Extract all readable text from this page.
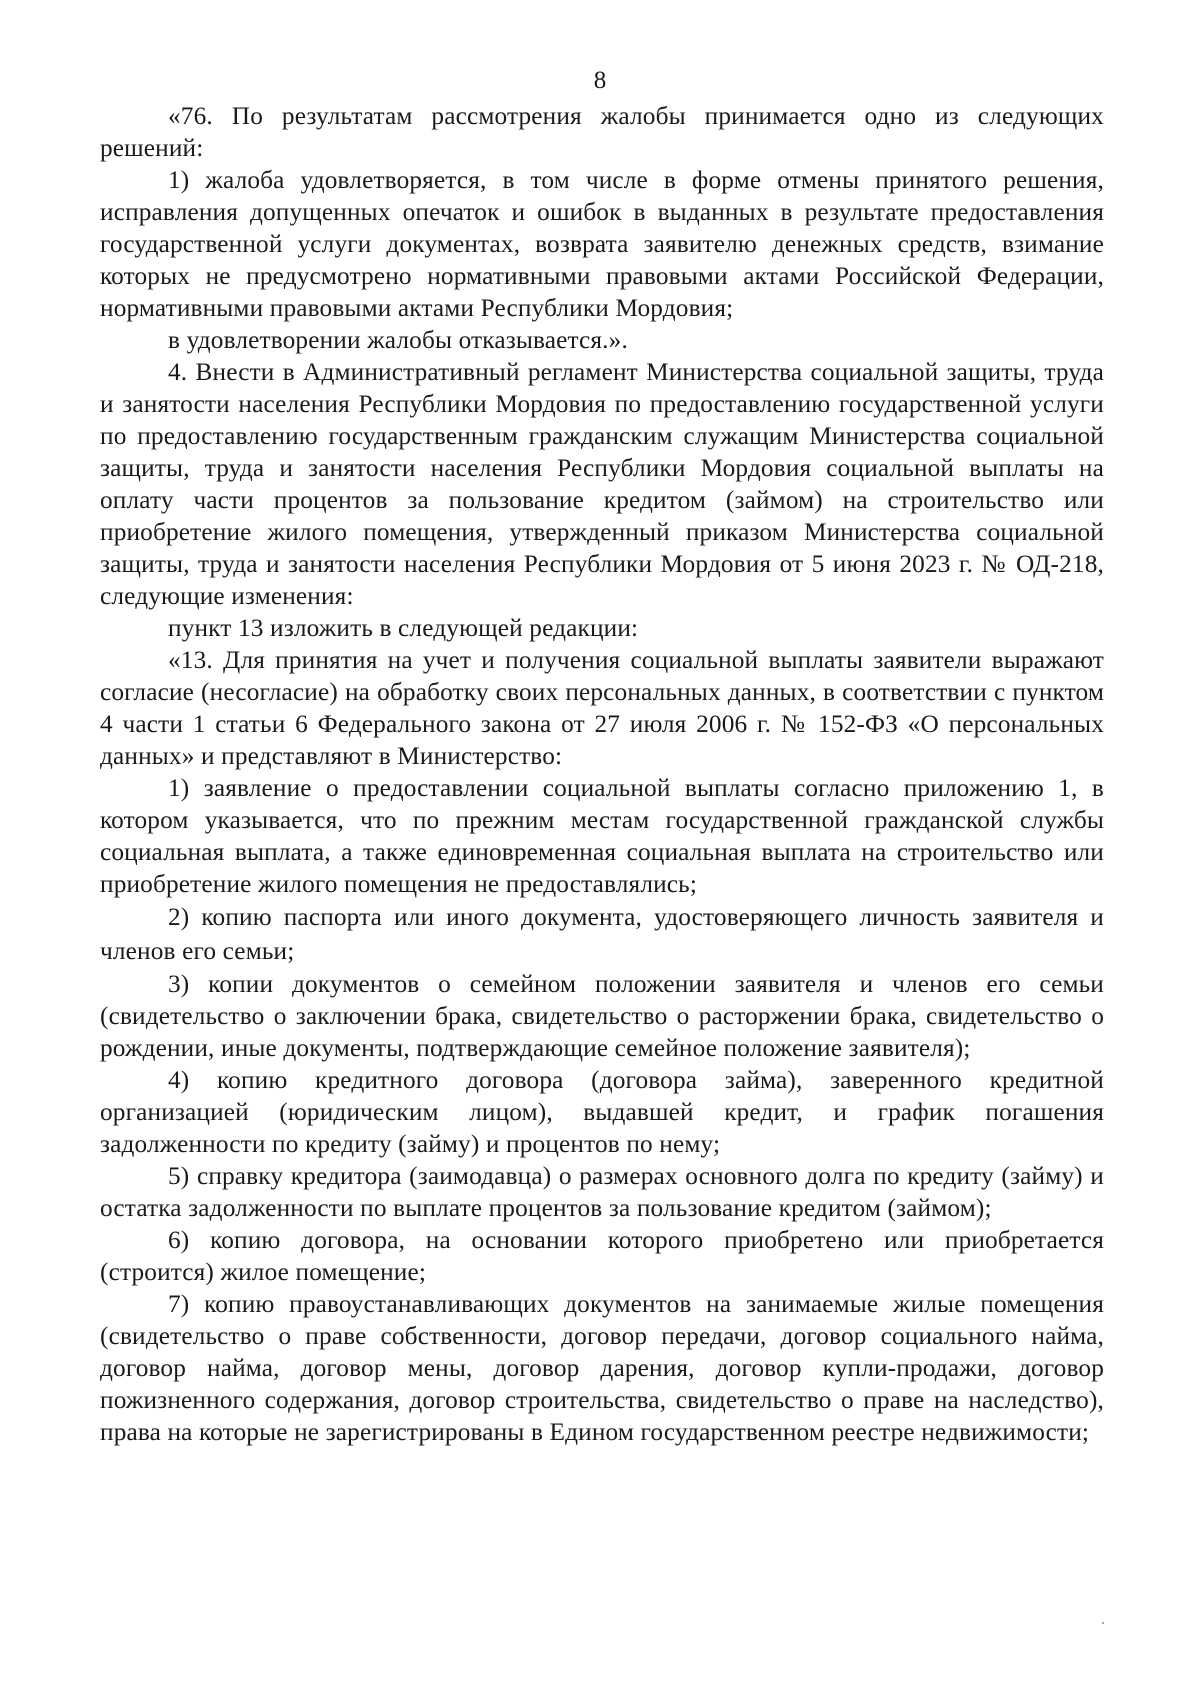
8

«76. По результатам рассмотрения жалобы принимается одно из следующих решений:

1) жалоба удовлетворяется, в том числе в форме отмены принятого решения, исправления допущенных опечаток и ошибок в выданных в результате предоставления государственной услуги документах, возврата заявителю денежных средств, взимание которых не предусмотрено нормативными правовыми актами Российской Федерации, нормативными правовыми актами Республики Мордовия;

в удовлетворении жалобы отказывается.».

4. Внести в Административный регламент Министерства социальной защиты, труда и занятости населения Республики Мордовия по предоставлению государственной услуги по предоставлению государственным гражданским служащим Министерства социальной защиты, труда и занятости населения Республики Мордовия социальной выплаты на оплату части процентов за пользование кредитом (займом) на строительство или приобретение жилого помещения, утвержденный приказом Министерства социальной защиты, труда и занятости населения Республики Мордовия от 5 июня 2023 г. № ОД-218, следующие изменения:

пункт 13 изложить в следующей редакции:

«13. Для принятия на учет и получения социальной выплаты заявители выражают согласие (несогласие) на обработку своих персональных данных, в соответствии с пунктом 4 части 1 статьи 6 Федерального закона от 27 июля 2006 г. № 152-ФЗ «О персональных данных» и представляют в Министерство:

1) заявление о предоставлении социальной выплаты согласно приложению 1, в котором указывается, что по прежним местам государственной гражданской службы социальная выплата, а также единовременная социальная выплата на строительство или приобретение жилого помещения не предоставлялись;

2) копию паспорта или иного документа, удостоверяющего личность заявителя и членов его семьи;

3) копии документов о семейном положении заявителя и членов его семьи (свидетельство о заключении брака, свидетельство о расторжении брака, свидетельство о рождении, иные документы, подтверждающие семейное положение заявителя);

4) копию кредитного договора (договора займа), заверенного кредитной организацией (юридическим лицом), выдавшей кредит, и график погашения задолженности по кредиту (займу) и процентов по нему;

5) справку кредитора (заимодавца) о размерах основного долга по кредиту (займу) и остатка задолженности по выплате процентов за пользование кредитом (займом);

6) копию договора, на основании которого приобретено или приобретается (строится) жилое помещение;

7) копию правоустанавливающих документов на занимаемые жилые помещения (свидетельство о праве собственности, договор передачи, договор социального найма, договор найма, договор мены, договор дарения, договор купли-продажи, договор пожизненного содержания, договор строительства, свидетельство о праве на наследство), права на которые не зарегистрированы в Едином государственном реестре недвижимости;
